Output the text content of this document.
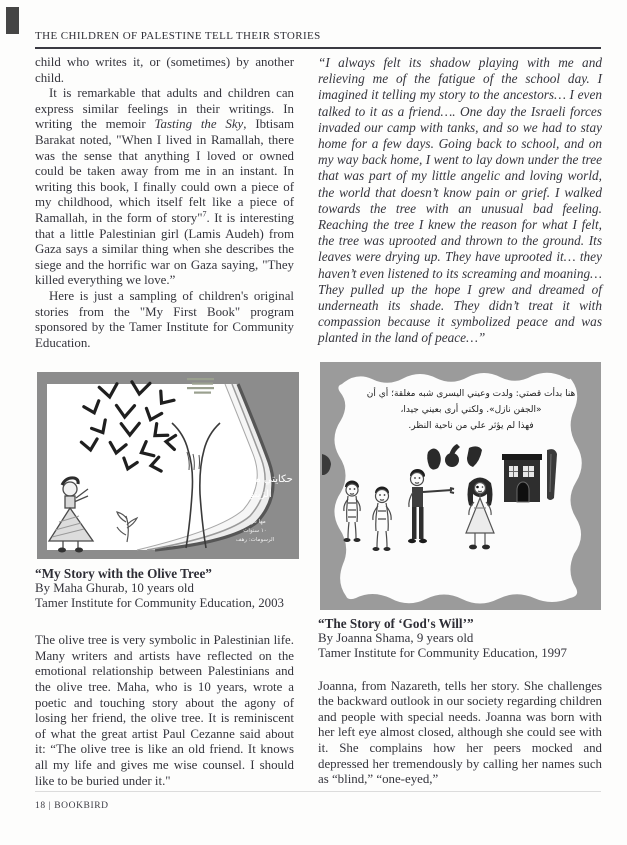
THE CHILDREN OF PALESTINE TELL THEIR STORIES

child who writes it, or (sometimes) by another child.

It is remarkable that adults and children can express similar feelings in their writings. In writing the memoir Tasting the Sky, Ibtisam Barakat noted, "When I lived in Ramallah, there was the sense that anything I loved or owned could be taken away from me in an instant. In writing this book, I finally could own a piece of my childhood, which itself felt like a piece of Ramallah, in the form of story"$^7$. It is interesting that a little Palestinian girl (Lamis Audeh) from Gaza says a similar thing when she describes the siege and the horrific war on Gaza saying, "They killed everything we love.”

Here is just a sampling of children's original stories from the "My First Book" program sponsored by the Tamer Institute for Community Education.

حكايتي مع شجرة
الزيتون
مها غراب
١٠ سنوات
الرسومات: رهف
“My Story with the Olive Tree”
By Maha Ghurab, 10 years old
Tamer Institute for Community Education, 2003

The olive tree is very symbolic in Palestinian life. Many writers and artists have reflected on the emotional relationship between Palestinians and the olive tree. Maha, who is 10 years, wrote a poetic and touching story about the agony of losing her friend, the olive tree. It is reminiscent of what the great artist Paul Cezanne said about it: “The olive tree is like an old friend. It knows all my life and gives me wise counsel. I should like to be buried under it."

“I always felt its shadow playing with me and relieving me of the fatigue of the school day. I imagined it telling my story to the ancestors… I even talked to it as a friend…. One day the Israeli forces invaded our camp with tanks, and so we had to stay home for a few days. Going back to school, and on my way back home, I went to lay down under the tree that was part of my little angelic and loving world, the world that doesn’t know pain or grief. I walked towards the tree with an unusual bad feeling. Reaching the tree I knew the reason for what I felt, the tree was uprooted and thrown to the ground. Its leaves were drying up. They have uprooted it… they haven’t even listened to its screaming and moaning… They pulled up the hope I grew and dreamed of underneath its shade. They didn’t treat it with compassion because it symbolized peace and was planted in the land of peace…”

هنا بدأت قصتي: ولدت وعيني اليسرى شبه مغلقة؛ أي أن
«الجفن نازل». ولكني أرى بعيني جيدا،
فهذا لم يؤثر علي من ناحية النظر.
“The Story of ‘God's Will’”
By Joanna Shama, 9 years old
Tamer Institute for Community Education, 1997

Joanna, from Nazareth, tells her story. She challenges the backward outlook in our society regarding children and people with special needs. Joanna was born with her left eye almost closed, although she could see with it. She complains how her peers mocked and depressed her tremendously by calling her names such as “blind,” “one-eyed,”

18 | BOOKBIRD
